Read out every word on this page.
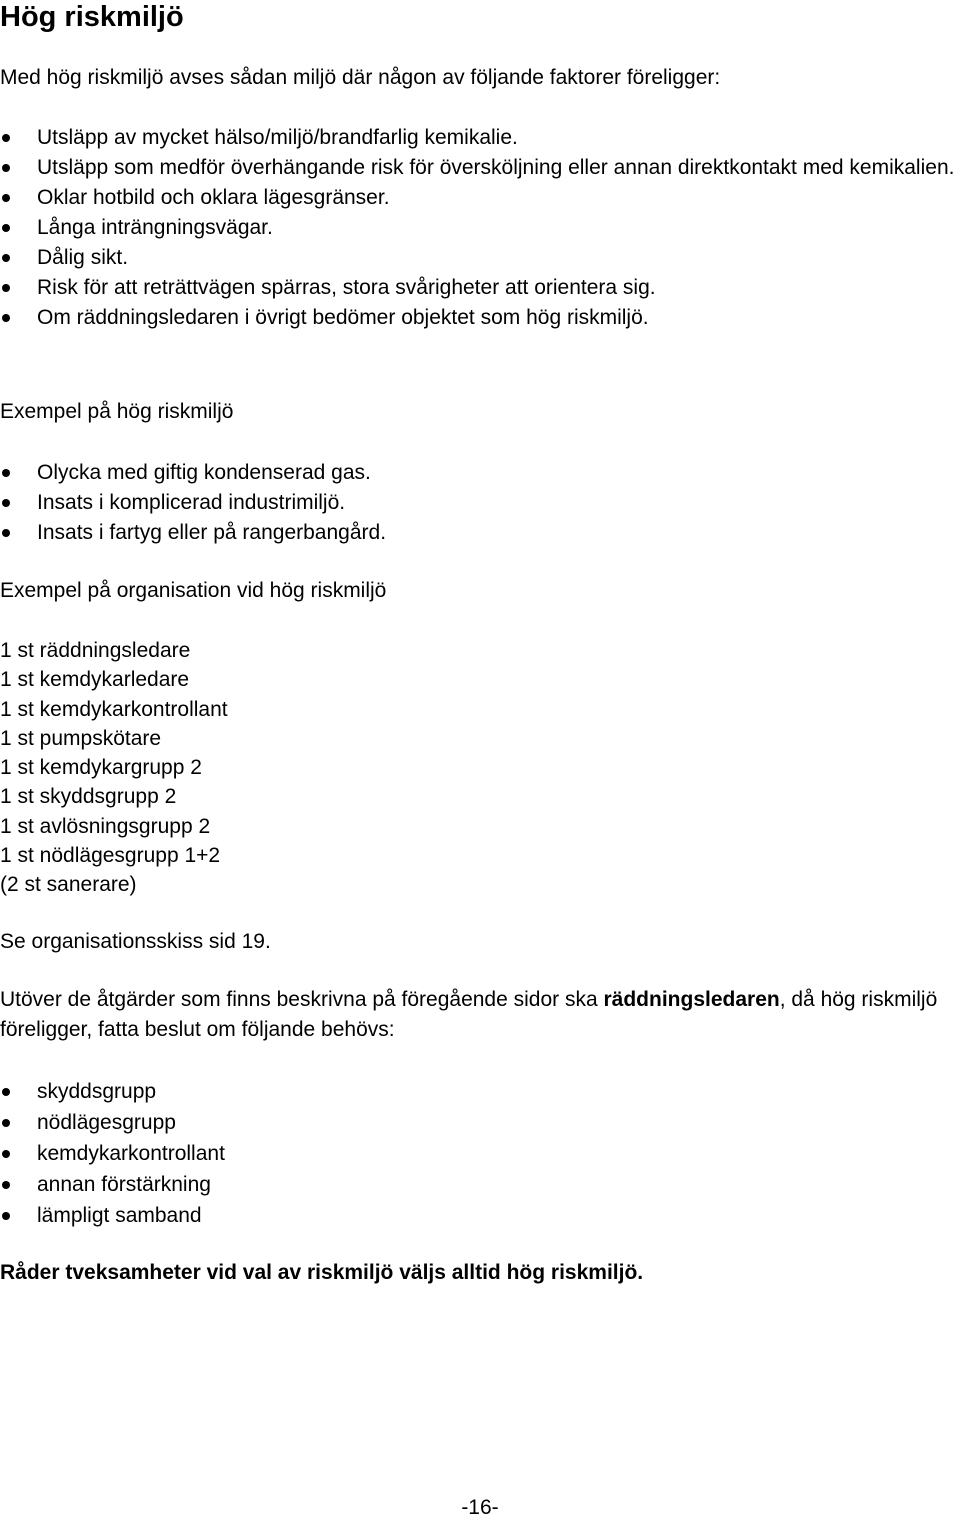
Hög riskmiljö

Med hög riskmiljö avses sådan miljö där någon av följande faktorer föreligger:

Utsläpp av mycket hälso/miljö/brandfarlig kemikalie.
Utsläpp som medför överhängande risk för översköljning eller annan direktkontakt med kemikalien.
Oklar hotbild och oklara lägesgränser.
Långa inträngningsvägar.
Dålig sikt.
Risk för att reträttvägen spärras, stora svårigheter att orientera sig.
Om räddningsledaren i övrigt bedömer objektet som hög riskmiljö.
Exempel på hög riskmiljö
Olycka med giftig kondenserad gas.
Insats i komplicerad industrimiljö.
Insats i fartyg eller på rangerbangård.
Exempel på organisation vid hög riskmiljö
1 st räddningsledare
1 st kemdykarledare
1 st kemdykarkontrollant
1 st pumpskötare
1 st kemdykargrupp 2
1 st skyddsgrupp 2
1 st avlösningsgrupp 2
1 st nödlägesgrupp 1+2
(2 st sanerare)

Se organisationsskiss sid 19.

Utöver de åtgärder som finns beskrivna på föregående sidor ska räddningsledaren, då hög riskmiljö föreligger, fatta beslut om följande behövs:

skyddsgrupp
nödlägesgrupp
kemdykarkontrollant
annan förstärkning
lämpligt samband

Råder tveksamheter vid val av riskmiljö väljs alltid hög riskmiljö.

-16-
